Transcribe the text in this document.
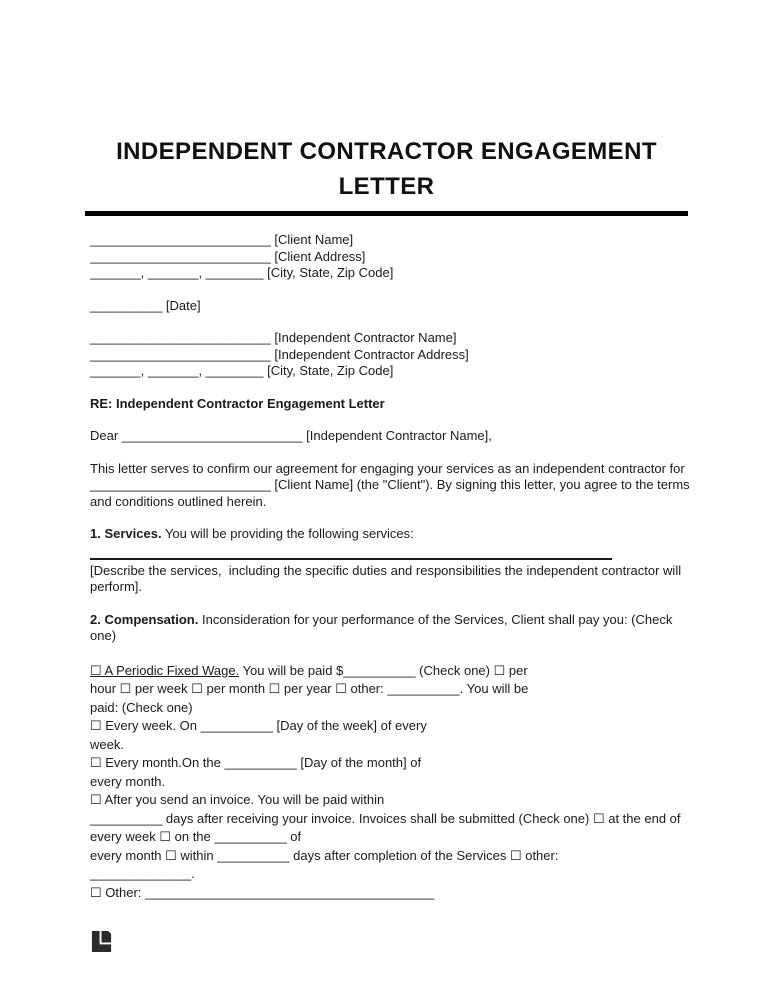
INDEPENDENT CONTRACTOR ENGAGEMENT
LETTER
_________________________ [Client Name]
_________________________ [Client Address]
_______, _______, ________ [City, State, Zip Code]
__________ [Date]
_________________________ [Independent Contractor Name]
_________________________ [Independent Contractor Address]
_______, _______, ________ [City, State, Zip Code]
RE: Independent Contractor Engagement Letter
Dear _________________________ [Independent Contractor Name],
This letter serves to confirm our agreement for engaging your services as an independent contractor for
_________________________ [Client Name] (the "Client"). By signing this letter, you agree to the terms
and conditions outlined herein.
1. Services. You will be providing the following services:
[Describe the services,  including the specific duties and responsibilities the independent contractor will
perform].
2. Compensation. Inconsideration for your performance of the Services, Client shall pay you: (Check
one)
☐ A Periodic Fixed Wage. You will be paid $__________ (Check one) ☐ per
hour ☐ per week ☐ per month ☐ per year ☐ other: __________. You will be
paid: (Check one)
☐ Every week. On __________ [Day of the week] of every
week.
☐ Every month.On the __________ [Day of the month] of
every month.
☐ After you send an invoice. You will be paid within
__________ days after receiving your invoice. Invoices shall be submitted (Check one) ☐ at the end of
every week ☐ on the __________ of
every month ☐ within __________ days after completion of the Services ☐ other:
______________.
☐ Other: ________________________________________
